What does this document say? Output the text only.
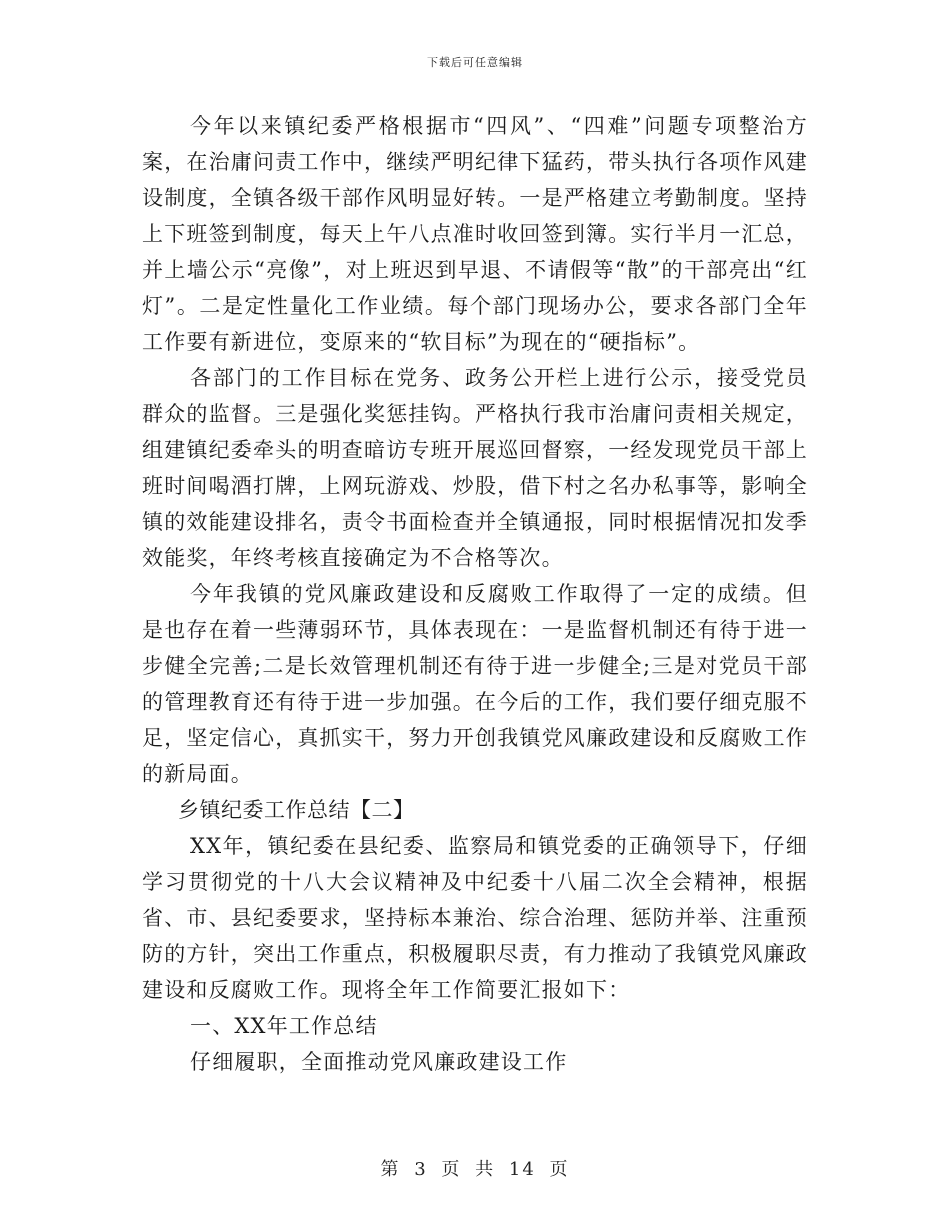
下载后可任意编辑

今年以来镇纪委严格根据市“四风”、“四难”问题专项整治方案，在治庸问责工作中，继续严明纪律下猛药，带头执行各项作风建设制度，全镇各级干部作风明显好转。一是严格建立考勤制度。坚持上下班签到制度，每天上午八点准时收回签到簿。实行半月一汇总，并上墙公示“亮像”，对上班迟到早退、不请假等“散”的干部亮出“红灯”。二是定性量化工作业绩。每个部门现场办公，要求各部门全年工作要有新进位，变原来的“软目标”为现在的“硬指标”。

各部门的工作目标在党务、政务公开栏上进行公示，接受党员群众的监督。三是强化奖惩挂钩。严格执行我市治庸问责相关规定，组建镇纪委牵头的明查暗访专班开展巡回督察，一经发现党员干部上班时间喝酒打牌，上网玩游戏、炒股，借下村之名办私事等，影响全镇的效能建设排名，责令书面检查并全镇通报，同时根据情况扣发季效能奖，年终考核直接确定为不合格等次。

今年我镇的党风廉政建设和反腐败工作取得了一定的成绩。但是也存在着一些薄弱环节，具体表现在：一是监督机制还有待于进一步健全完善;二是长效管理机制还有待于进一步健全;三是对党员干部的管理教育还有待于进一步加强。在今后的工作，我们要仔细克服不足，坚定信心，真抓实干，努力开创我镇党风廉政建设和反腐败工作的新局面。

乡镇纪委工作总结【二】

XX年，镇纪委在县纪委、监察局和镇党委的正确领导下，仔细学习贯彻党的十八大会议精神及中纪委十八届二次全会精神，根据省、市、县纪委要求，坚持标本兼治、综合治理、惩防并举、注重预防的方针，突出工作重点，积极履职尽责，有力推动了我镇党风廉政建设和反腐败工作。现将全年工作简要汇报如下：

一、XX年工作总结

仔细履职，全面推动党风廉政建设工作

第 3 页 共 14 页
